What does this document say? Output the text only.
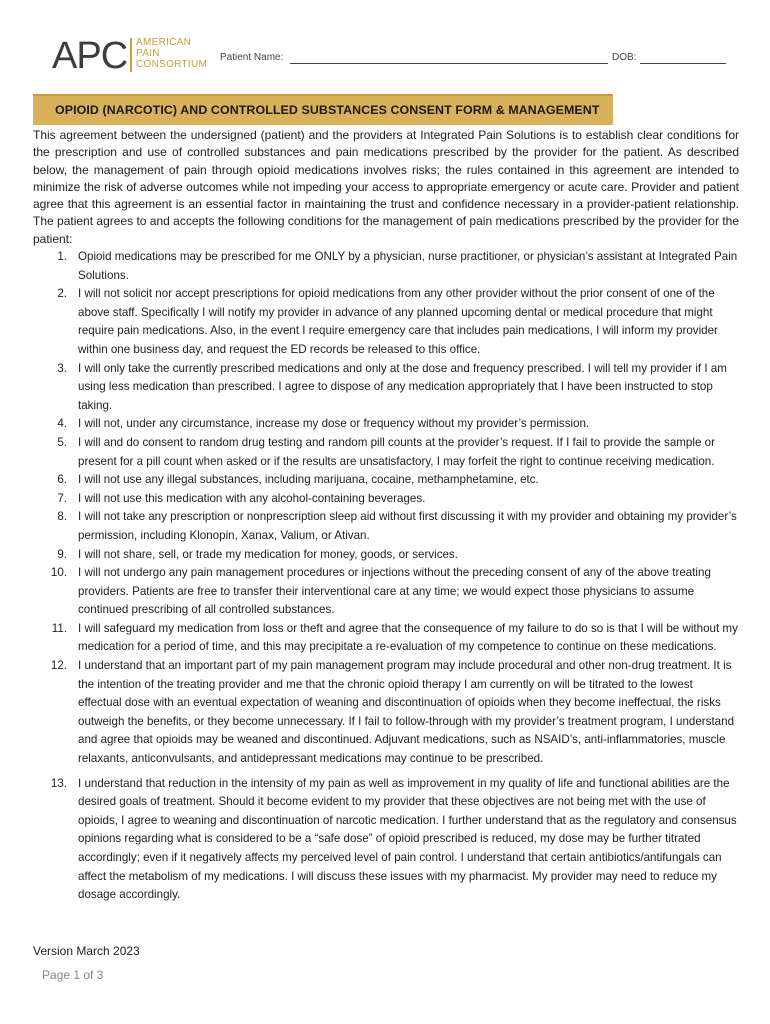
APC AMERICAN
PAIN
CONSORTIUM
Patient Name:	DOB:
OPIOID (NARCOTIC) AND CONTROLLED SUBSTANCES CONSENT FORM & MANAGEMENT
This agreement between the undersigned (patient) and the providers at Integrated Pain Solutions is to establish clear conditions for the prescription and use of controlled substances and pain medications prescribed by the provider for the patient. As described below, the management of pain through opioid medications involves risks; the rules contained in this agreement are intended to minimize the risk of adverse outcomes while not impeding your access to appropriate emergency or acute care. Provider and patient agree that this agreement is an essential factor in maintaining the trust and confidence necessary in a provider-patient relationship. The patient agrees to and accepts the following conditions for the management of pain medications prescribed by the provider for the patient:
1. Opioid medications may be prescribed for me ONLY by a physician, nurse practitioner, or physician’s assistant at Integrated Pain Solutions.
2. I will not solicit nor accept prescriptions for opioid medications from any other provider without the prior consent of one of the above staff. Specifically I will notify my provider in advance of any planned upcoming dental or medical procedure that might require pain medications. Also, in the event I require emergency care that includes pain medications, I will inform my provider within one business day, and request the ED records be released to this office.
3. I will only take the currently prescribed medications and only at the dose and frequency prescribed. I will tell my provider if I am using less medication than prescribed. I agree to dispose of any medication appropriately that I have been instructed to stop taking.
4. I will not, under any circumstance, increase my dose or frequency without my provider’s permission.
5. I will and do consent to random drug testing and random pill counts at the provider’s request. If I fail to provide the sample or present for a pill count when asked or if the results are unsatisfactory, I may forfeit the right to continue receiving medication.
6. I will not use any illegal substances, including marijuana, cocaine, methamphetamine, etc.
7. I will not use this medication with any alcohol-containing beverages.
8. I will not take any prescription or nonprescription sleep aid without first discussing it with my provider and obtaining my provider’s permission, including Klonopin, Xanax, Valium, or Ativan.
9. I will not share, sell, or trade my medication for money, goods, or services.
10. I will not undergo any pain management procedures or injections without the preceding consent of any of the above treating providers. Patients are free to transfer their interventional care at any time; we would expect those physicians to assume continued prescribing of all controlled substances.
11. I will safeguard my medication from loss or theft and agree that the consequence of my failure to do so is that I will be without my medication for a period of time, and this may precipitate a re-evaluation of my competence to continue on these medications.
12. I understand that an important part of my pain management program may include procedural and other non-drug treatment. It is the intention of the treating provider and me that the chronic opioid therapy I am currently on will be titrated to the lowest effectual dose with an eventual expectation of weaning and discontinuation of opioids when they become ineffectual, the risks outweigh the benefits, or they become unnecessary. If I fail to follow-through with my provider’s treatment program, I understand and agree that opioids may be weaned and discontinued. Adjuvant medications, such as NSAID’s, anti-inflammatories, muscle relaxants, anticonvulsants, and antidepressant medications may continue to be prescribed.
13. I understand that reduction in the intensity of my pain as well as improvement in my quality of life and functional abilities are the desired goals of treatment. Should it become evident to my provider that these objectives are not being met with the use of opioids, I agree to weaning and discontinuation of narcotic medication. I further understand that as the regulatory and consensus opinions regarding what is considered to be a “safe dose” of opioid prescribed is reduced, my dose may be further titrated accordingly; even if it negatively affects my perceived level of pain control. I understand that certain antibiotics/antifungals can affect the metabolism of my medications. I will discuss these issues with my pharmacist. My provider may need to reduce my dosage accordingly.
Version March 2023
Page 1 of 3
